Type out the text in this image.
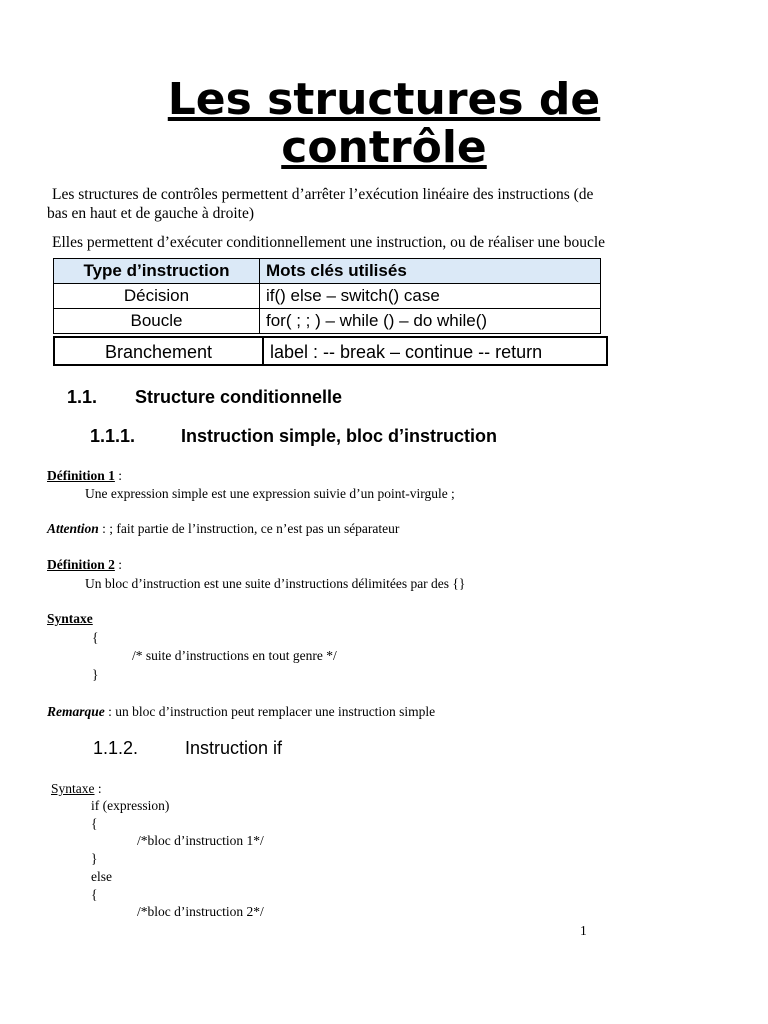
Les structures de
contrôle
Les structures de contrôles permettent d’arrêter l’exécution linéaire des instructions (de
bas en haut et de gauche à droite)
Elles permettent d’exécuter conditionnellement une instruction, ou de réaliser une boucle
Type d’instruction	Mots clés utilisés
Décision	if() else – switch() case
Boucle	for( ; ; ) – while () – do while()
Branchement	label : -- break – continue -- return
1.1. Structure conditionnelle
1.1.1.	Instruction simple, bloc d’instruction
Définition 1 :
Une expression simple est une expression suivie d’un point-virgule ;
Attention : ; fait partie de l’instruction, ce n’est pas un séparateur
Définition 2 :
Un bloc d’instruction est une suite d’instructions délimitées par des {}
Syntaxe
{
/* suite d’instructions en tout genre */
}
Remarque : un bloc d’instruction peut remplacer une instruction simple
1.1.2.	Instruction if
Syntaxe :
if (expression)
{
/*bloc d’instruction 1*/
}
else
{
/*bloc d’instruction 2*/
1
